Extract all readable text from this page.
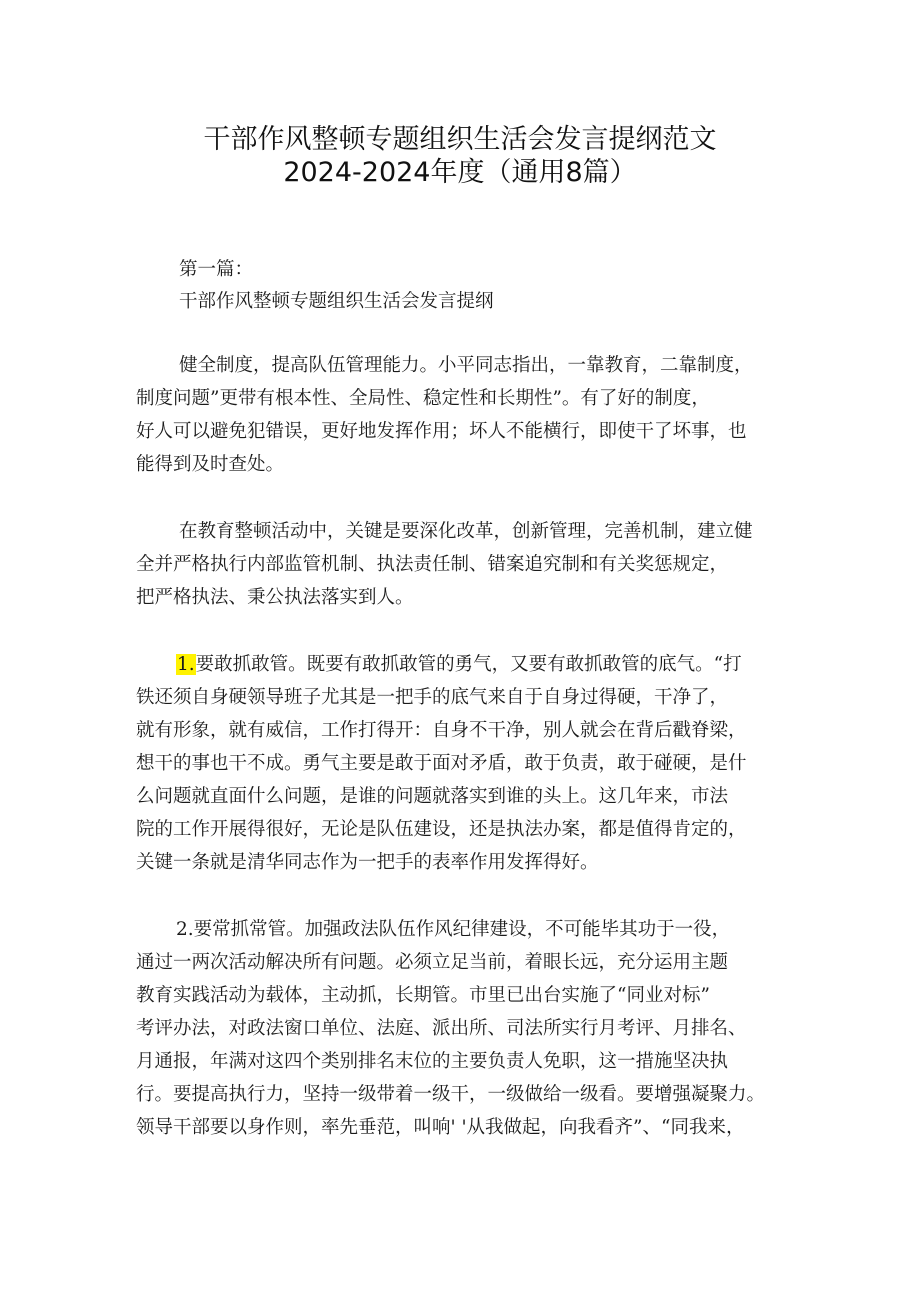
干部作风整顿专题组织生活会发言提纲范文
2024-2024年度（通用8篇）
第一篇：
干部作风整顿专题组织生活会发言提纲
健全制度，提高队伍管理能力。小平同志指出，一靠教育，二靠制度，
制度问题”更带有根本性、全局性、稳定性和长期性”。有了好的制度，
好人可以避免犯错误，更好地发挥作用；坏人不能横行，即使干了坏事，也
能得到及时查处。
在教育整顿活动中，关键是要深化改革，创新管理，完善机制，建立健
全并严格执行内部监管机制、执法责任制、错案追究制和有关奖惩规定，
把严格执法、秉公执法落实到人。
1.要敢抓敢管。既要有敢抓敢管的勇气，又要有敢抓敢管的底气。“打
铁还须自身硬领导班子尤其是一把手的底气来自于自身过得硬，干净了，
就有形象，就有威信，工作打得开：自身不干净，别人就会在背后戳脊梁，
想干的事也干不成。勇气主要是敢于面对矛盾，敢于负责，敢于碰硬，是什
么问题就直面什么问题，是谁的问题就落实到谁的头上。这几年来，市法
院的工作开展得很好，无论是队伍建设，还是执法办案，都是值得肯定的，
关键一条就是清华同志作为一把手的表率作用发挥得好。
2.要常抓常管。加强政法队伍作风纪律建设，不可能毕其功于一役，
通过一两次活动解决所有问题。必须立足当前，着眼长远，充分运用主题
教育实践活动为载体，主动抓，长期管。市里已出台实施了“同业对标”
考评办法，对政法窗口单位、法庭、派出所、司法所实行月考评、月排名、
月通报，年满对这四个类别排名末位的主要负责人免职，这一措施坚决执
行。要提高执行力，坚持一级带着一级干，一级做给一级看。要增强凝聚力。
领导干部要以身作则，率先垂范，叫响' '从我做起，向我看齐”、“同我来，
